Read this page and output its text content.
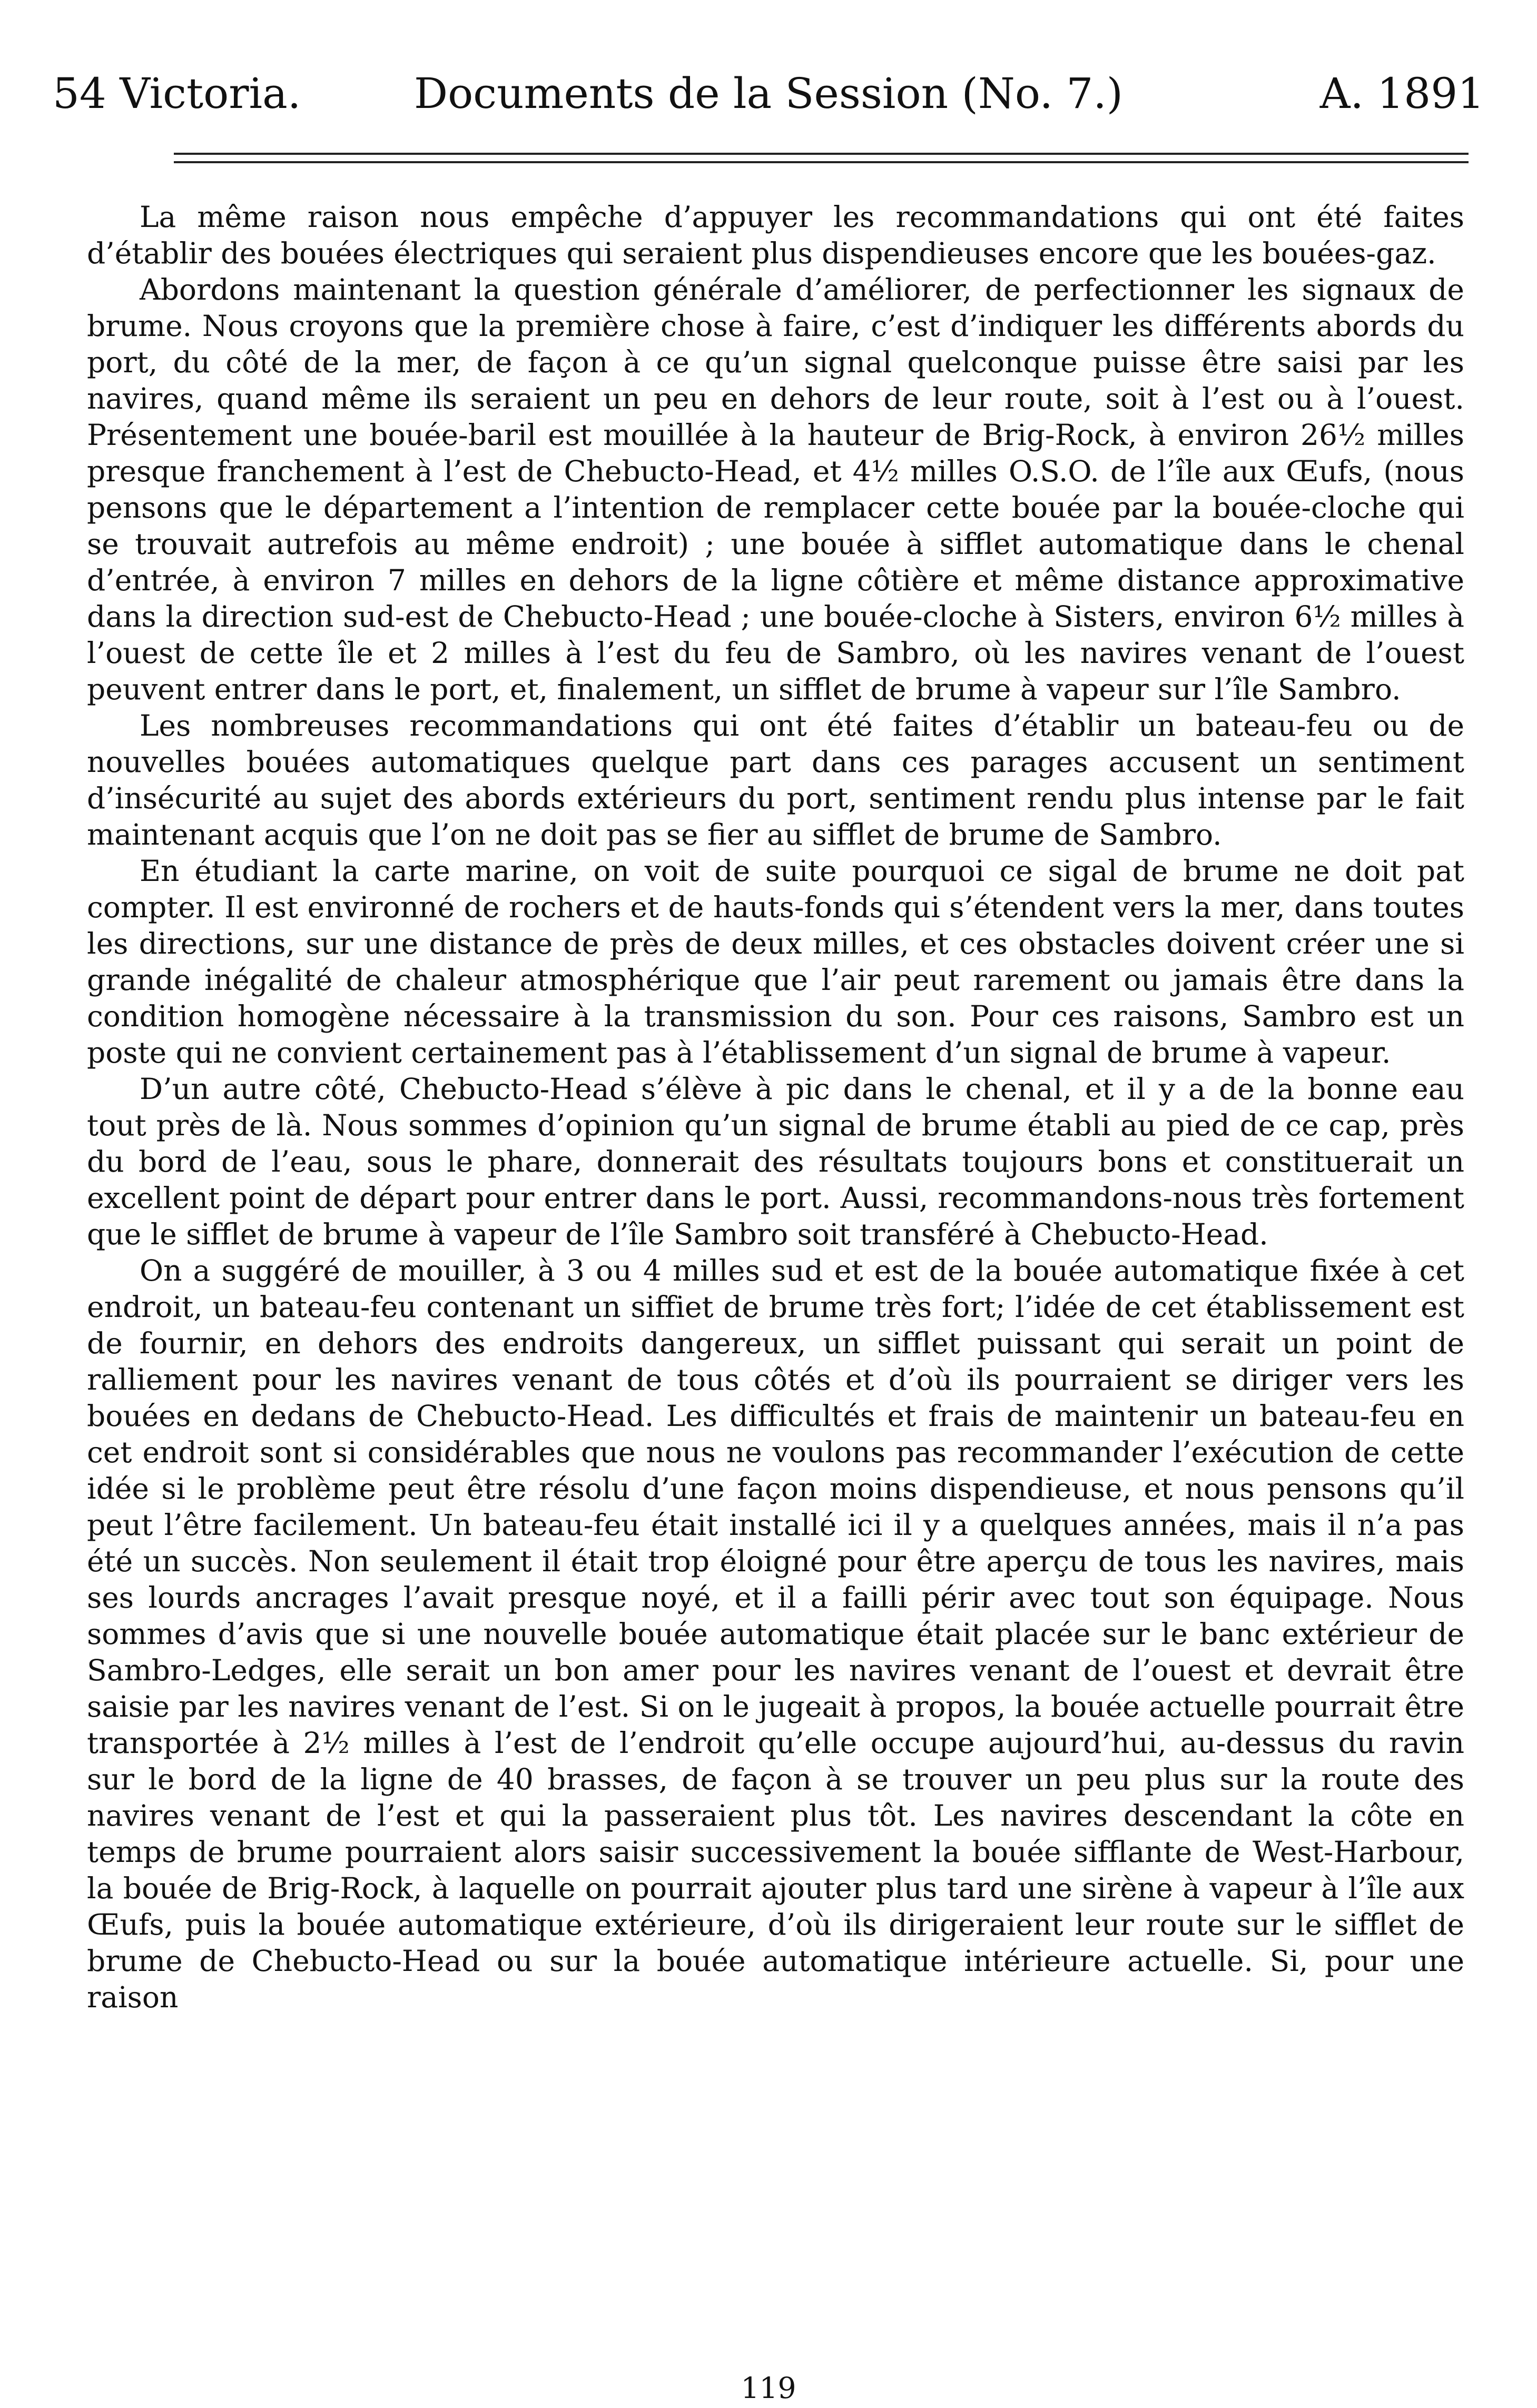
54 Victoria.	Documents de la Session (No. 7.)	A. 1891

La même raison nous empêche d’appuyer les recommandations qui ont été faites d’établir des bouées électriques qui seraient plus dispendieuses encore que les bouées-gaz.

Abordons maintenant la question générale d’améliorer, de perfectionner les signaux de brume. Nous croyons que la première chose à faire, c’est d’indiquer les différents abords du port, du côté de la mer, de façon à ce qu’un signal quelconque puisse être saisi par les navires, quand même ils seraient un peu en dehors de leur route, soit à l’est ou à l’ouest. Présentement une bouée-baril est mouillée à la hauteur de Brig-Rock, à environ 26½ milles presque franchement à l’est de Chebucto-Head, et 4½ milles O.S.O. de l’île aux Œufs, (nous pensons que le département a l’intention de remplacer cette bouée par la bouée-cloche qui se trouvait autrefois au même endroit) ; une bouée à sifflet automatique dans le chenal d’entrée, à environ 7 milles en dehors de la ligne côtière et même distance approximative dans la direction sud-est de Chebucto-Head ; une bouée-cloche à Sisters, environ 6½ milles à l’ouest de cette île et 2 milles à l’est du feu de Sambro, où les navires venant de l’ouest peuvent entrer dans le port, et, finalement, un sifflet de brume à vapeur sur l’île Sambro.

Les nombreuses recommandations qui ont été faites d’établir un bateau-feu ou de nouvelles bouées automatiques quelque part dans ces parages accusent un sentiment d’insécurité au sujet des abords extérieurs du port, sentiment rendu plus intense par le fait maintenant acquis que l’on ne doit pas se fier au sifflet de brume de Sambro.

En étudiant la carte marine, on voit de suite pourquoi ce sigal de brume ne doit pat compter. Il est environné de rochers et de hauts-fonds qui s’étendent vers la mer, dans toutes les directions, sur une distance de près de deux milles, et ces obstacles doivent créer une si grande inégalité de chaleur atmosphérique que l’air peut rarement ou jamais être dans la condition homogène nécessaire à la transmission du son. Pour ces raisons, Sambro est un poste qui ne convient certainement pas à l’établissement d’un signal de brume à vapeur.

D’un autre côté, Chebucto-Head s’élève à pic dans le chenal, et il y a de la bonne eau tout près de là. Nous sommes d’opinion qu’un signal de brume établi au pied de ce cap, près du bord de l’eau, sous le phare, donnerait des résultats toujours bons et constituerait un excellent point de départ pour entrer dans le port. Aussi, recommandons-nous très fortement que le sifflet de brume à vapeur de l’île Sambro soit transféré à Chebucto-Head.

On a suggéré de mouiller, à 3 ou 4 milles sud et est de la bouée automatique fixée à cet endroit, un bateau-feu contenant un siffiet de brume très fort; l’idée de cet établissement est de fournir, en dehors des endroits dangereux, un sifflet puissant qui serait un point de ralliement pour les navires venant de tous côtés et d’où ils pourraient se diriger vers les bouées en dedans de Chebucto-Head. Les difficultés et frais de maintenir un bateau-feu en cet endroit sont si considérables que nous ne voulons pas recommander l’exécution de cette idée si le problème peut être résolu d’une façon moins dispendieuse, et nous pensons qu’il peut l’être facilement. Un bateau-feu était installé ici il y a quelques années, mais il n’a pas été un succès. Non seulement il était trop éloigné pour être aperçu de tous les navires, mais ses lourds ancrages l’avait presque noyé, et il a failli périr avec tout son équipage. Nous sommes d’avis que si une nouvelle bouée automatique était placée sur le banc extérieur de Sambro-Ledges, elle serait un bon amer pour les navires venant de l’ouest et devrait être saisie par les navires venant de l’est. Si on le jugeait à propos, la bouée actuelle pourrait être transportée à 2½ milles à l’est de l’endroit qu’elle occupe aujourd’hui, au-dessus du ravin sur le bord de la ligne de 40 brasses, de façon à se trouver un peu plus sur la route des navires venant de l’est et qui la passeraient plus tôt. Les navires descendant la côte en temps de brume pourraient alors saisir successivement la bouée sifflante de West-Harbour, la bouée de Brig-Rock, à laquelle on pourrait ajouter plus tard une sirène à vapeur à l’île aux Œufs, puis la bouée automatique extérieure, d’où ils dirigeraient leur route sur le sifflet de brume de Chebucto-Head ou sur la bouée automatique intérieure actuelle. Si, pour une raison

119
